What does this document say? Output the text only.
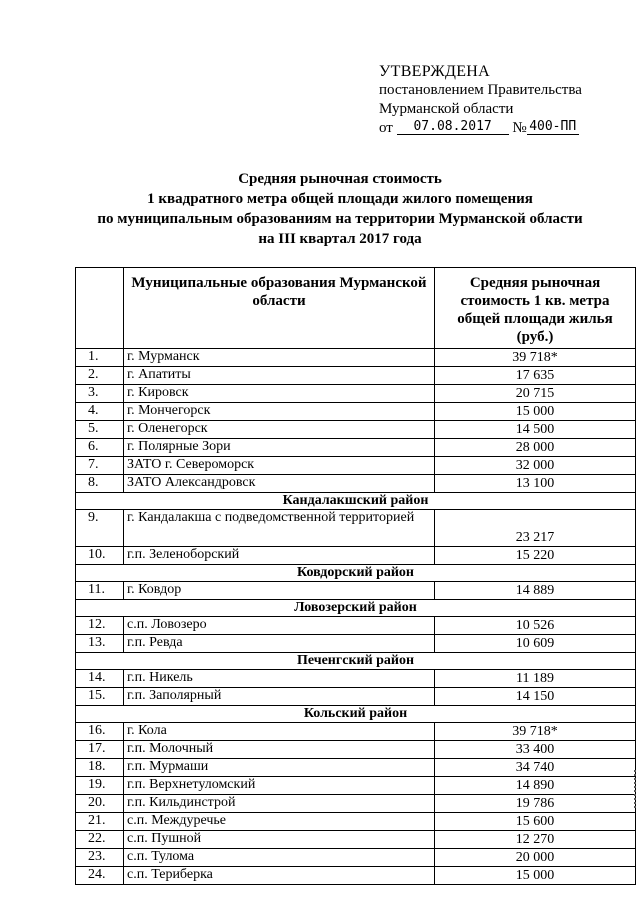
УТВЕРЖДЕНА
постановлением Правительства
Мурманской области
от 07.08.2017 № 400-ПП
Средняя рыночная стоимость
1 квадратного метра общей площади жилого помещения
по муниципальным образованиям на территории Мурманской области
на III квартал 2017 года
	Муниципальные образования Мурманской области	Средняя рыночная стоимость 1 кв. метра общей площади жилья (руб.)
1.	г. Мурманск	39 718*
2.	г. Апатиты	17 635
3.	г. Кировск	20 715
4.	г. Мончегорск	15 000
5.	г. Оленегорск	14 500
6.	г. Полярные Зори	28 000
7.	ЗАТО г. Североморск	32 000
8.	ЗАТО Александровск	13 100
Кандалакшский район		
9.	г. Кандалакша с подведомственной территорией	23 217
10.	г.п. Зеленоборский	15 220
Ковдорский район		
11.	г. Ковдор	14 889
Ловозерский район		
12.	с.п. Ловозеро	10 526
13.	г.п. Ревда	10 609
Печенгский район		
14.	г.п. Никель	11 189
15.	г.п. Заполярный	14 150
Кольский район		
16.	г. Кола	39 718*
17.	г.п. Молочный	33 400
18.	г.п. Мурмаши	34 740
19.	г.п. Верхнетуломский	14 890
20.	г.п. Кильдинстрой	19 786
21.	с.п. Междуречье	15 600
22.	с.п. Пушной	12 270
23.	с.п. Тулома	20 000
24.	с.п. Териберка	15 000
